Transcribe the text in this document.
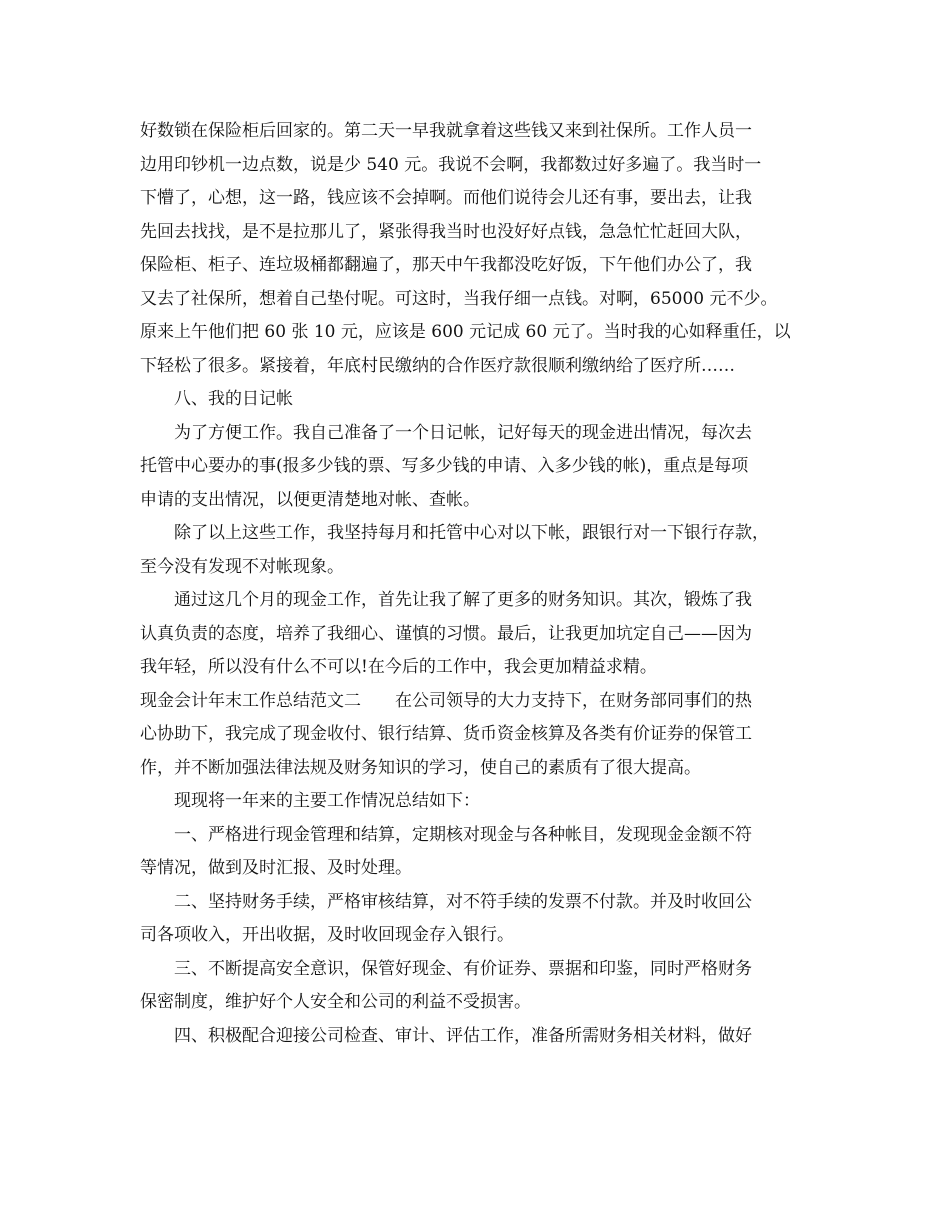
好数锁在保险柜后回家的。第二天一早我就拿着这些钱又来到社保所。工作人员一
边用印钞机一边点数，说是少 540 元。我说不会啊，我都数过好多遍了。我当时一
下懵了，心想，这一路，钱应该不会掉啊。而他们说待会儿还有事，要出去，让我
先回去找找，是不是拉那儿了，紧张得我当时也没好好点钱，急急忙忙赶回大队，
保险柜、柜子、连垃圾桶都翻遍了，那天中午我都没吃好饭，下午他们办公了，我
又去了社保所，想着自己垫付呢。可这时，当我仔细一点钱。对啊，65000 元不少。
原来上午他们把 60 张 10 元，应该是 600 元记成 60 元了。当时我的心如释重任，以
下轻松了很多。紧接着，年底村民缴纳的合作医疗款很顺利缴纳给了医疗所……
八、我的日记帐
为了方便工作。我自己准备了一个日记帐，记好每天的现金进出情况，每次去
托管中心要办的事(报多少钱的票、写多少钱的申请、入多少钱的帐)，重点是每项
申请的支出情况，以便更清楚地对帐、查帐。
除了以上这些工作，我坚持每月和托管中心对以下帐，跟银行对一下银行存款，
至今没有发现不对帐现象。
通过这几个月的现金工作，首先让我了解了更多的财务知识。其次，锻炼了我
认真负责的态度，培养了我细心、谨慎的习惯。最后，让我更加坑定自己——因为
我年轻，所以没有什么不可以!在今后的工作中，我会更加精益求精。
现金会计年末工作总结范文二　　在公司领导的大力支持下，在财务部同事们的热
心协助下，我完成了现金收付、银行结算、货币资金核算及各类有价证券的保管工
作，并不断加强法律法规及财务知识的学习，使自己的素质有了很大提高。
现现将一年来的主要工作情况总结如下：
一、严格进行现金管理和结算，定期核对现金与各种帐目，发现现金金额不符
等情况，做到及时汇报、及时处理。
二、坚持财务手续，严格审核结算，对不符手续的发票不付款。并及时收回公
司各项收入，开出收据，及时收回现金存入银行。
三、不断提高安全意识，保管好现金、有价证券、票据和印鉴，同时严格财务
保密制度，维护好个人安全和公司的利益不受损害。
四、积极配合迎接公司检查、审计、评估工作，准备所需财务相关材料，做好
